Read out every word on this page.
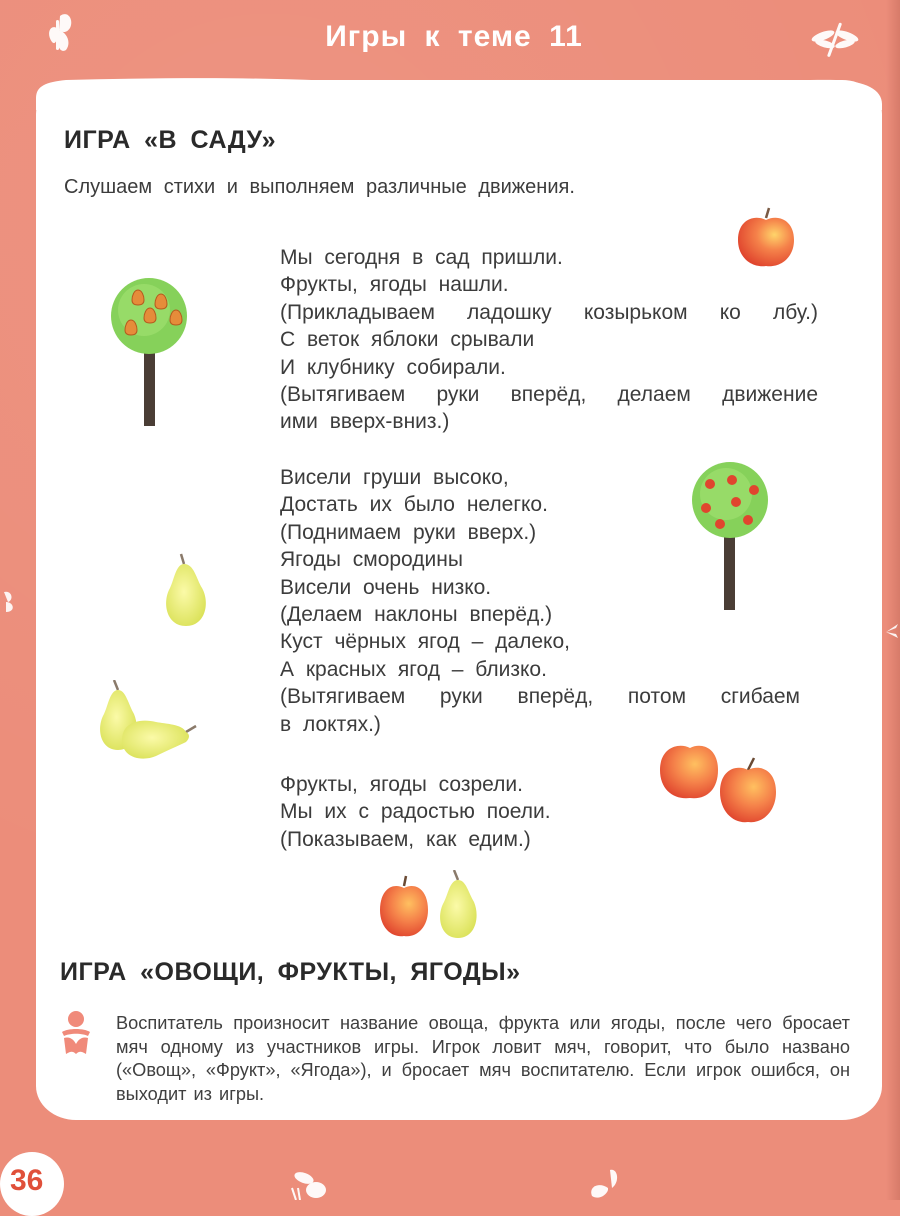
Игры к теме 11
ИГРА «В САДУ»
Слушаем стихи и выполняем различные движения.
Мы сегодня в сад пришли.
Фрукты, ягоды нашли.
(Прикладываем ладошку козырьком ко лбу.)
С веток яблоки срывали
И клубнику собирали.
(Вытягиваем руки вперёд, делаем движение
ими вверх-вниз.)
Висели груши высоко,
Достать их было нелегко.
(Поднимаем руки вверх.)
Ягоды смородины
Висели очень низко.
(Делаем наклоны вперёд.)
Куст чёрных ягод – далеко,
А красных ягод – близко.
(Вытягиваем руки вперёд, потом сгибаем
в локтях.)
Фрукты, ягоды созрели.
Мы их с радостью поели.
(Показываем, как едим.)
ИГРА «ОВОЩИ, ФРУКТЫ, ЯГОДЫ»
Воспитатель произносит название овоща, фрукта или ягоды, после чего бросает мяч одному из участников игры. Игрок ловит мяч, говорит, что было названо («Овощ», «Фрукт», «Ягода»), и бросает мяч воспитателю. Если игрок ошибся, он выходит из игры.
36
